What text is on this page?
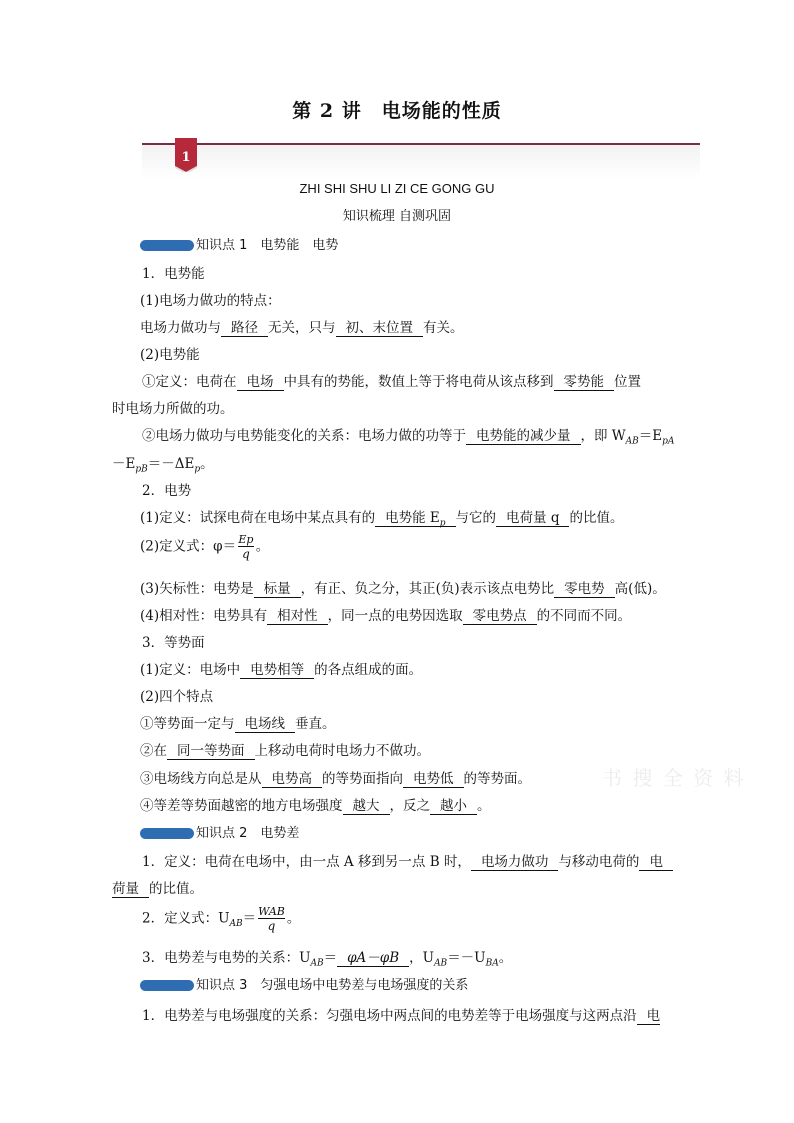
第 2 讲　电场能的性质
1
ZHI SHI SHU LI ZI CE GONG GU
知识梳理 自测巩固
知识点 1　电势能　电势
1．电势能
(1)电场力做功的特点：
电场力做功与 路径 无关，只与 初、末位置 有关。
(2)电势能
①定义：电荷在 电场 中具有的势能，数值上等于将电荷从该点移到 零势能 位置
时电场力所做的功。
②电场力做功与电势能变化的关系：电场力做的功等于 电势能的减少量 ，即 $W_{AB}=E_{pA}$
$-E_{pB}=-\Delta E_p$。
2．电势
(1)定义：试探电荷在电场中某点具有的 电势能 $E_p$ 与它的 电荷量 q 的比值。
(2)定义式：$\varphi= \frac{Ep}{q}$ 。
(3)矢标性：电势是 标量 ，有正、负之分，其正(负)表示该点电势比 零电势 高(低)。
(4)相对性：电势具有 相对性 ，同一点的电势因选取 零电势点 的不同而不同。
3．等势面
(1)定义：电场中 电势相等 的各点组成的面。
(2)四个特点
①等势面一定与 电场线 垂直。
②在 同一等势面 上移动电荷时电场力不做功。
③电场线方向总是从 电势高 的等势面指向 电势低 的等势面。
④等差等势面越密的地方电场强度 越大 ，反之 越小 。
书 搜 全 资 料
知识点 2　电势差
1．定义：电荷在电场中，由一点 A 移到另一点 B 时， 电场力做功 与移动电荷的 电
荷量 的比值。
2．定义式：$U_{AB}= \frac{\text{WAB}}{q}$ 。
3．电势差与电势的关系：$U_{AB}= \varphi A-\varphi B$ ，$U_{AB}=-U_{BA}$。
知识点 3　匀强电场中电势差与电场强度的关系
1．电势差与电场强度的关系：匀强电场中两点间的电势差等于电场强度与这两点沿 电
